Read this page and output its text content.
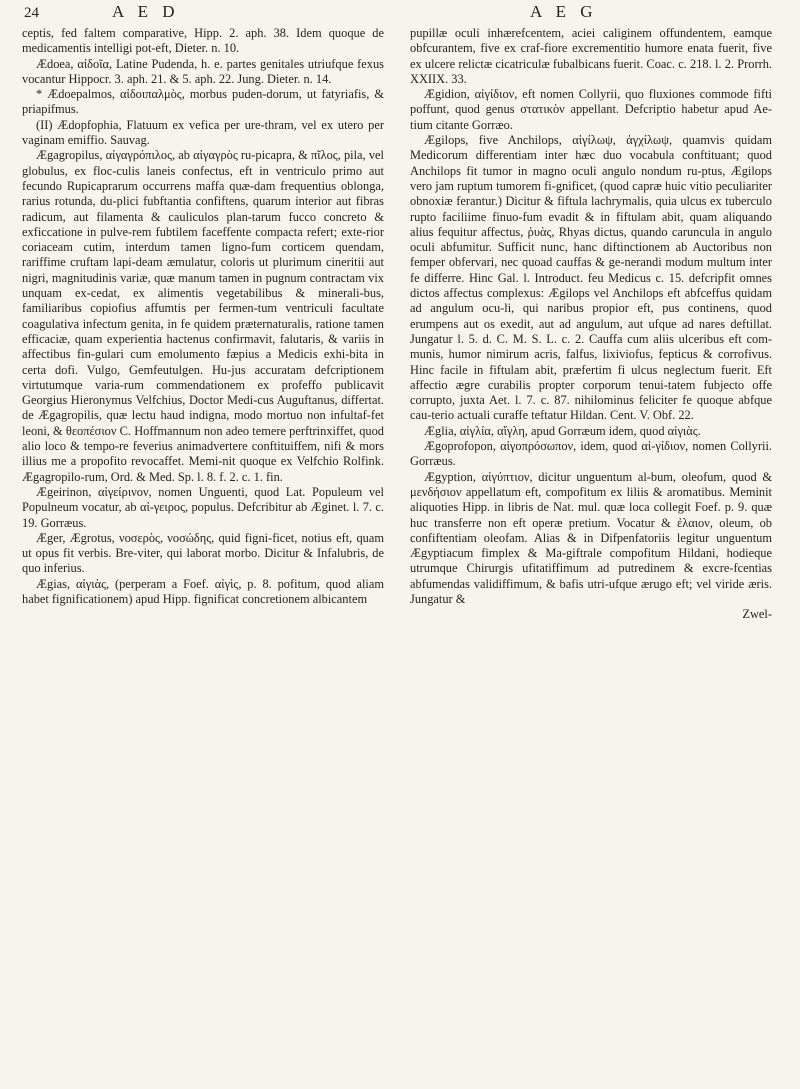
24	A E D	A E G

ceptis, fed faltem comparative, Hipp. 2. aph. 38. Idem quoque de medicamentis intelligi pot-eft, Dieter. n. 10.

Ædoea, αἰδοῖα, Latine Pudenda, h. e. partes genitales utriufque fexus vocantur Hippocr. 3. aph. 21. & 5. aph. 22. Jung. Dieter. n. 14.

* Ædoepalmos, αἰδοιπαλμὸς, morbus puden-dorum, ut fatyriafis, & priapifmus.

(II) Ædopfophia, Flatuum ex vefica per ure-thram, vel ex utero per vaginam emiffio. Sauvag.

Ægagropilus, αἰγαγρόπιλος, ab αἰγαγρὸς ru-picapra, & πῖλος, pila, vel globulus, ex floc-culis laneis confectus, eft in ventriculo primo aut fecundo Rupicaprarum occurrens maffa quæ-dam frequentius oblonga, rarius rotunda, du-plici fubftantia confiftens, quarum interior aut fibras radicum, aut filamenta & cauliculos plan-tarum fucco concreto & exficcatione in pulve-rem fubtilem faceffente compacta refert; exte-rior coriaceam cutim, interdum tamen ligno-fum corticem quendam, rariffime cruftam lapi-deam æmulatur, coloris ut plurimum cineritii aut nigri, magnitudinis variæ, quæ manum tamen in pugnum contractam vix unquam ex-cedat, ex alimentis vegetabilibus & minerali-bus, familiaribus copiofius affumtis per fermen-tum ventriculi facultate coagulativa infectum genita, in fe quidem præternaturalis, ratione tamen efficaciæ, quam experientia hactenus confirmavit, falutaris, & variis in affectibus fin-gulari cum emolumento fæpius a Medicis exhi-bita in certa dofi. Vulgo, Gemfeutulgen. Hu-jus accuratam defcriptionem virtutumque varia-rum commendationem ex profeffo publicavit Georgius Hieronymus Velfchius, Doctor Medi-cus Auguftanus, differtat. de Ægagropilis, quæ lectu haud indigna, modo mortuo non infultaf-fet leoni, & θεοπέσιον C. Hoffmannum non adeo temere perftrinxiffet, quod alio loco & tempo-re feverius animadvertere conftituiffem, nifi & mors illius me a propofito revocaffet. Memi-nit quoque ex Velfchio Rolfink. Ægagropilo-rum, Ord. & Med. Sp. l. 8. f. 2. c. 1. fin.

Ægeirinon, αἰγείρινον, nomen Unguenti, quod Lat. Populeum vel Populneum vocatur, ab αἰ-γειρος, populus. Defcribitur ab Æginet. l. 7. c. 19. Gorræus.

Æger, Ægrotus, νοσερὸς, νοσώδης, quid figni-ficet, notius eft, quam ut opus fit verbis. Bre-viter, qui laborat morbo. Dicitur & Infalubris, de quo inferius.

Ægias, αἰγιὰς, (perperam a Foef. αἰγὶς, p. 8. pofitum, quod aliam habet fignificationem) apud Hipp. fignificat concretionem albicantem

pupillæ oculi inhærefcentem, aciei caliginem offundentem, eamque obfcurantem, five ex craf-fiore excrementitio humore enata fuerit, five ex ulcere relictæ cicatriculæ fubalbicans fuerit. Coac. c. 218. l. 2. Prorrh. XXIIX. 33.

Ægidion, αἰγίδιον, eft nomen Collyrii, quo fluxiones commode fifti poffunt, quod genus στατικὸν appellant. Defcriptio habetur apud Ae-tium citante Gorræo.

Ægilops, five Anchilops, αἰγίλωψ, ἀγχίλωψ, quamvis quidam Medicorum differentiam inter hæc duo vocabula conftituant; quod Anchilops fit tumor in magno oculi angulo nondum ru-ptus, Ægilops vero jam ruptum tumorem fi-gnificet, (quod capræ huic vitio peculiariter obnoxiæ ferantur.) Dicitur & fiftula lachrymalis, quia ulcus ex tuberculo rupto faciliime finuo-fum evadit & in fiftulam abit, quam aliquando alius fequitur affectus, ῥυὰς, Rhyas dictus, quando caruncula in angulo oculi abfumitur. Sufficit nunc, hanc diftinctionem ab Auctoribus non femper obfervari, nec quoad cauffas & ge-nerandi modum multum inter fe differre. Hinc Gal. l. Introduct. feu Medicus c. 15. defcripfit omnes dictos affectus complexus: Ægilops vel Anchilops eft abfceffus quidam ad angulum ocu-li, qui naribus propior eft, pus continens, quod erumpens aut os exedit, aut ad angulum, aut ufque ad nares deftillat. Jungatur l. 5. d. C. M. S. L. c. 2. Cauffa cum aliis ulceribus eft com-munis, humor nimirum acris, falfus, lixiviofus, fepticus & corrofivus. Hinc facile in fiftulam abit, præfertim fi ulcus neglectum fuerit. Eft affectio ægre curabilis propter corporum tenui-tatem fubjecto offe corrupto, juxta Aet. l. 7. c. 87. nihilominus feliciter fe quoque abfque cau-terio actuali curaffe teftatur Hildan. Cent. V. Obf. 22.

Æglia, αἰγλία, αἴγλη, apud Gorræum idem, quod αἰγιὰς.

Ægoprofopon, αἰγοπρόσωπον, idem, quod αἰ-γίδιον, nomen Collyrii. Gorræus.

Ægyption, αἰγύπτιον, dicitur unguentum al-bum, oleofum, quod & μενδήσιον appellatum eft, compofitum ex liliis & aromatibus. Meminit aliquoties Hipp. in libris de Nat. mul. quæ loca collegit Foef. p. 9. quæ huc transferre non eft operæ pretium. Vocatur & ἐλαιον, oleum, ob confiftentiam oleofam. Alias & in Difpenfatoriis legitur unguentum Ægyptiacum fimplex & Ma-giftrale compofitum Hildani, hodieque utrumque Chirurgis ufitatiffimum ad putredinem & excre-fcentias abfumendas validiffimum, & bafis utri-ufque ærugo eft; vel viride æris. Jungatur &

Zwel-
